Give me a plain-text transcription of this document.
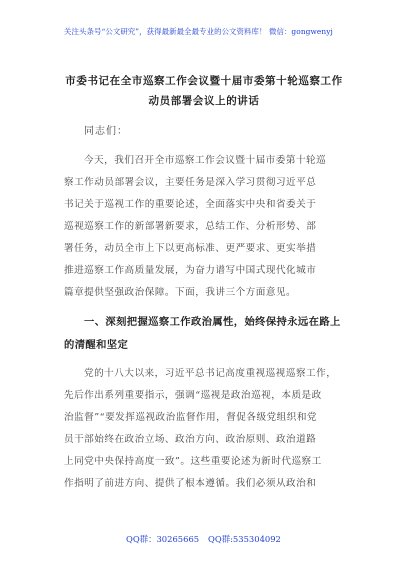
关注头条号“公文研究”，获得最新最全最专业的公文资料库！ 微信：gongwenyj
市委书记在全市巡察工作会议暨十届市委第十轮巡察工作
动员部署会议上的讲话
同志们：
今天，我们召开全市巡察工作会议暨十届市委第十轮巡
察工作动员部署会议，主要任务是深入学习贯彻习近平总
书记关于巡视工作的重要论述，全面落实中央和省委关于
巡视巡察工作的新部署新要求，总结工作、分析形势、部
署任务，动员全市上下以更高标准、更严要求、更实举措
推进巡察工作高质量发展，为奋力谱写中国式现代化城市
篇章提供坚强政治保障。下面，我讲三个方面意见。
一、深刻把握巡察工作政治属性，始终保持永远在路上
的清醒和坚定
党的十八大以来，习近平总书记高度重视巡视巡察工作，
先后作出系列重要指示，强调“巡视是政治巡视，本质是政
治监督”“要发挥巡视政治监督作用，督促各级党组织和党
员干部始终在政治立场、政治方向、政治原则、政治道路
上同党中央保持高度一致”。这些重要论述为新时代巡察工
作指明了前进方向、提供了根本遵循。我们必须从政治和
QQ群：30265665 QQ群:535304092
